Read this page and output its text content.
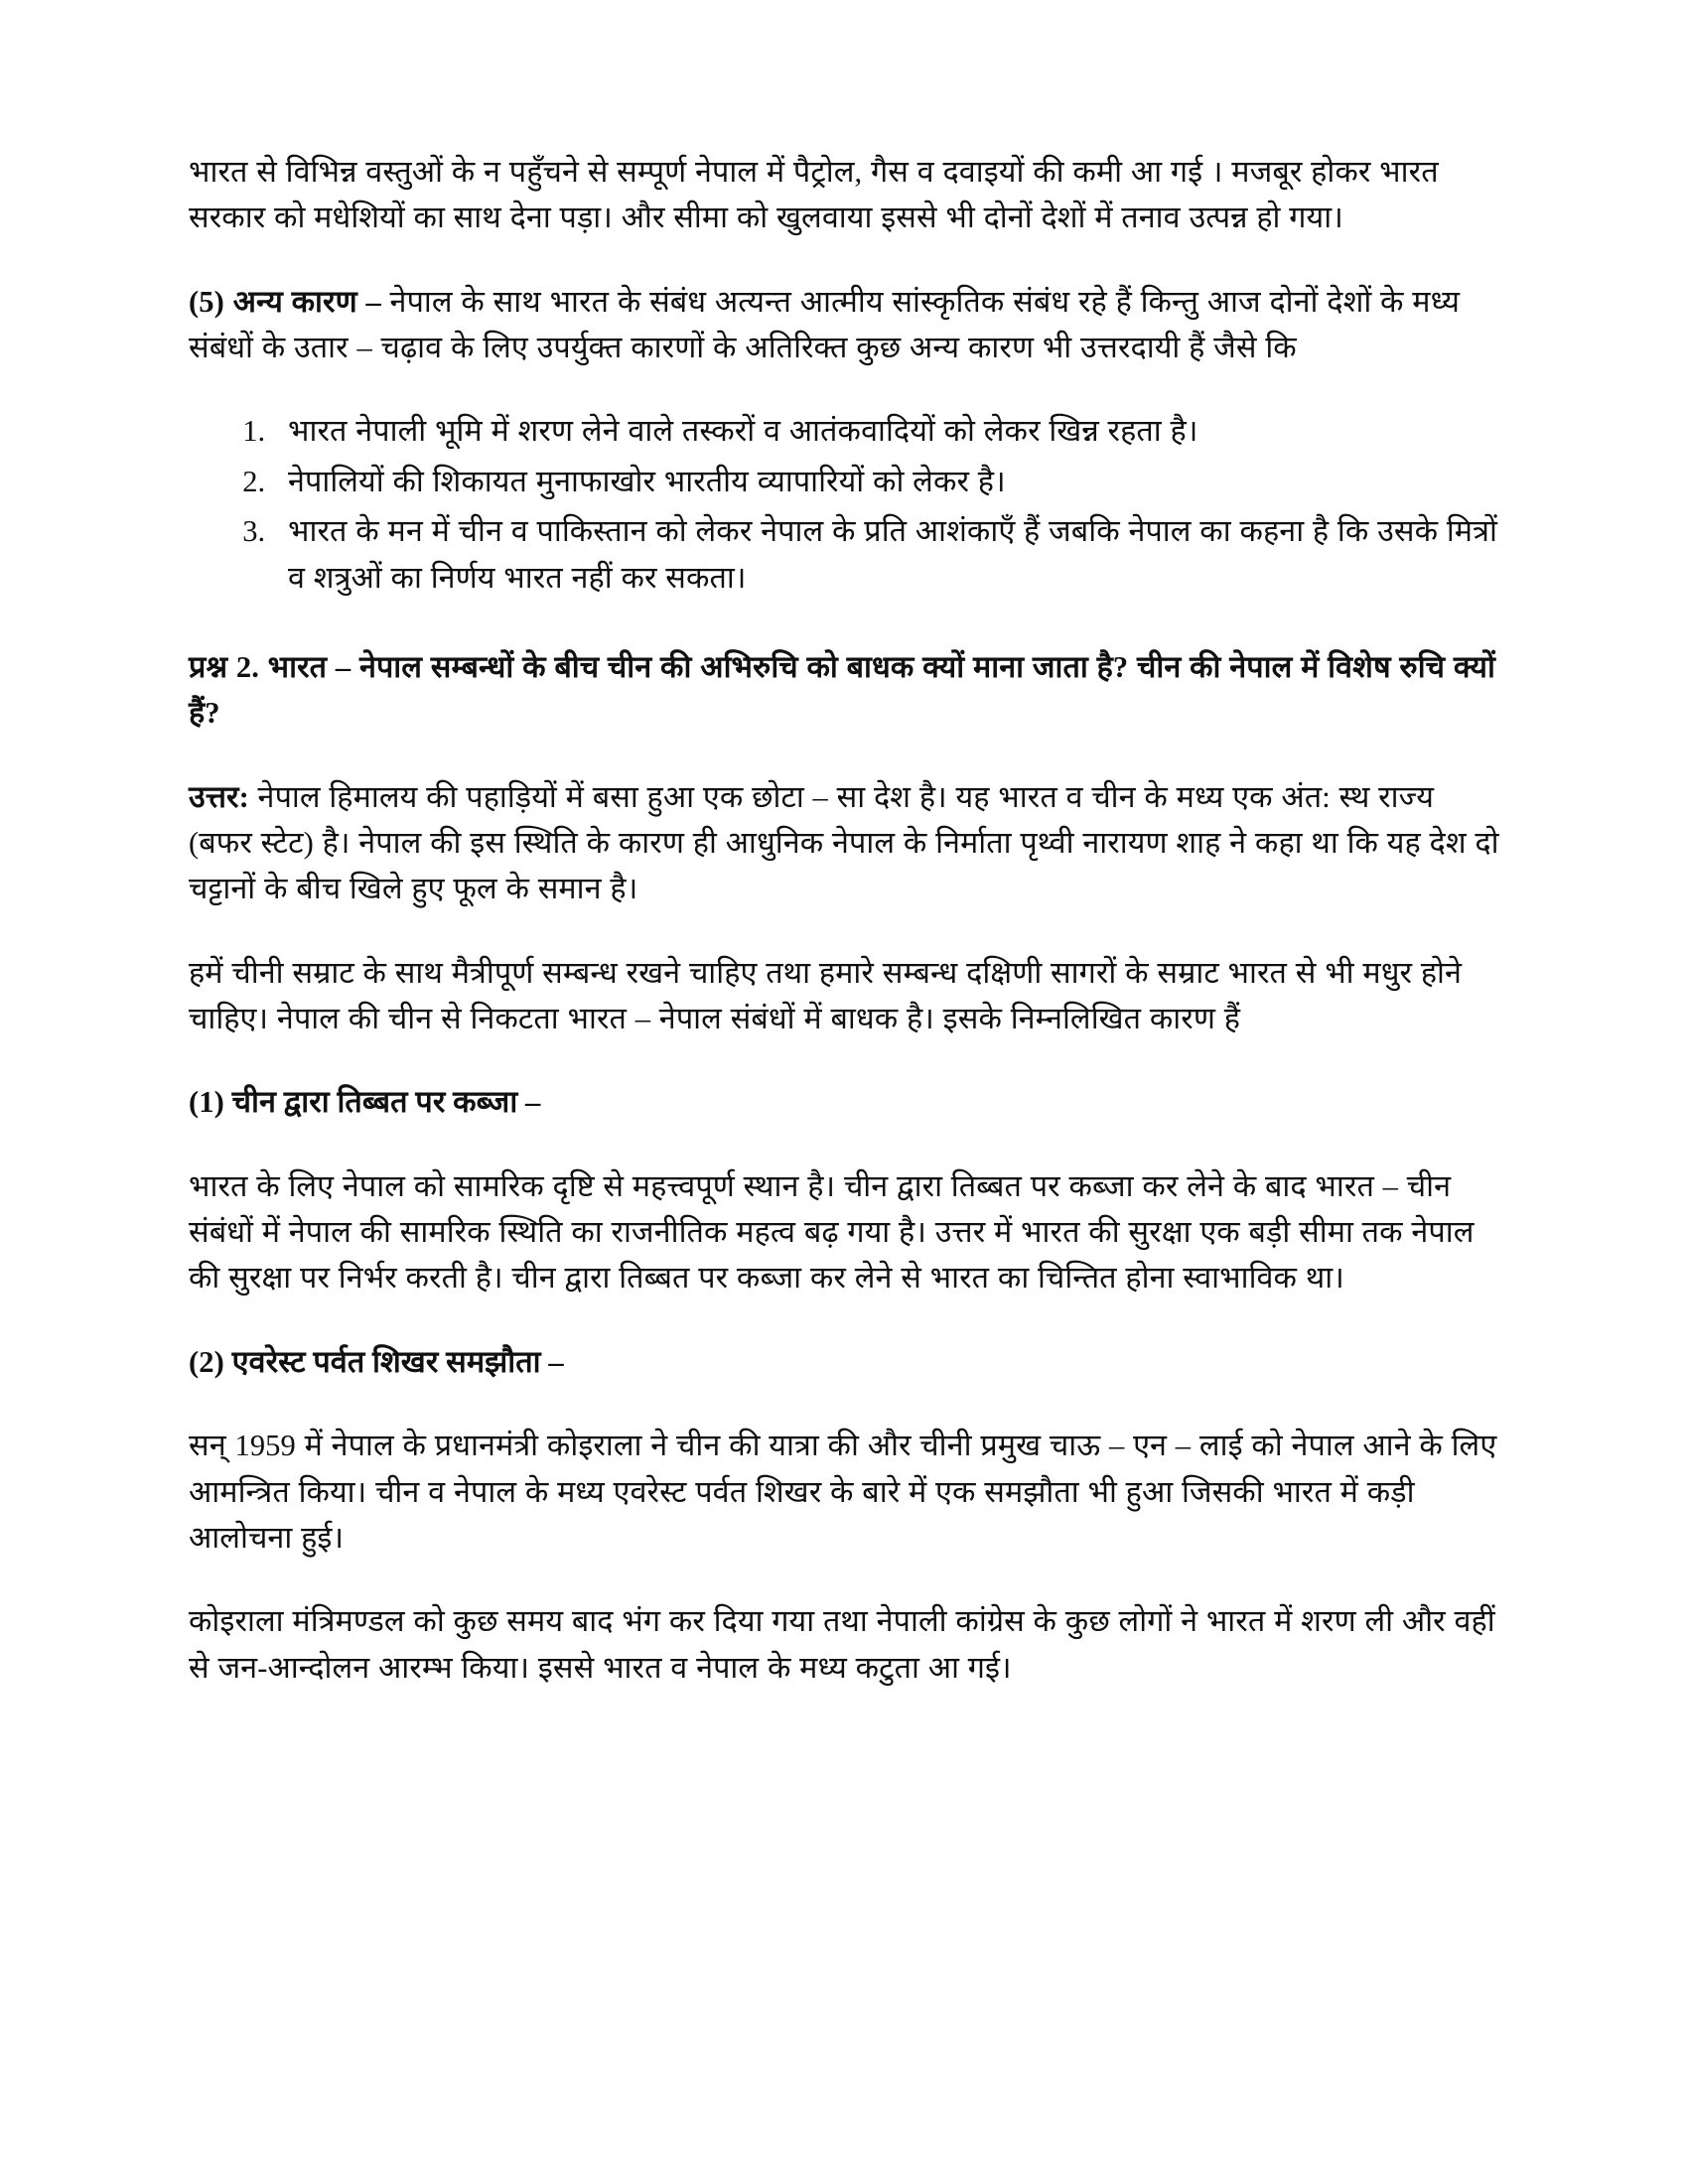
भारत से विभिन्न वस्तुओं के न पहुँचने से सम्पूर्ण नेपाल में पैट्रोल, गैस व दवाइयों की कमी आ गई । मजबूर होकर भारत सरकार को मधेशियों का साथ देना पड़ा। और सीमा को खुलवाया इससे भी दोनों देशों में तनाव उत्पन्न हो गया।

(5) अन्य कारण – नेपाल के साथ भारत के संबंध अत्यन्त आत्मीय सांस्कृतिक संबंध रहे हैं किन्तु आज दोनों देशों के मध्य संबंधों के उतार – चढ़ाव के लिए उपर्युक्त कारणों के अतिरिक्त कुछ अन्य कारण भी उत्तरदायी हैं जैसे कि

1. भारत नेपाली भूमि में शरण लेने वाले तस्करों व आतंकवादियों को लेकर खिन्न रहता है।
2. नेपालियों की शिकायत मुनाफाखोर भारतीय व्यापारियों को लेकर है।
3. भारत के मन में चीन व पाकिस्तान को लेकर नेपाल के प्रति आशंकाएँ हैं जबकि नेपाल का कहना है कि उसके मित्रों व शत्रुओं का निर्णय भारत नहीं कर सकता।

प्रश्न 2. भारत – नेपाल सम्बन्धों के बीच चीन की अभिरुचि को बाधक क्यों माना जाता है? चीन की नेपाल में विशेष रुचि क्यों हैं?

उत्तर: नेपाल हिमालय की पहाड़ियों में बसा हुआ एक छोटा – सा देश है। यह भारत व चीन के मध्य एक अंत: स्थ राज्य (बफर स्टेट) है। नेपाल की इस स्थिति के कारण ही आधुनिक नेपाल के निर्माता पृथ्वी नारायण शाह ने कहा था कि यह देश दो चट्टानों के बीच खिले हुए फूल के समान है।

हमें चीनी सम्राट के साथ मैत्रीपूर्ण सम्बन्ध रखने चाहिए तथा हमारे सम्बन्ध दक्षिणी सागरों के सम्राट भारत से भी मधुर होने चाहिए। नेपाल की चीन से निकटता भारत – नेपाल संबंधों में बाधक है। इसके निम्नलिखित कारण हैं

(1) चीन द्वारा तिब्बत पर कब्जा –

भारत के लिए नेपाल को सामरिक दृष्टि से महत्त्वपूर्ण स्थान है। चीन द्वारा तिब्बत पर कब्जा कर लेने के बाद भारत – चीन संबंधों में नेपाल की सामरिक स्थिति का राजनीतिक महत्व बढ़ गया है। उत्तर में भारत की सुरक्षा एक बड़ी सीमा तक नेपाल की सुरक्षा पर निर्भर करती है। चीन द्वारा तिब्बत पर कब्जा कर लेने से भारत का चिन्तित होना स्वाभाविक था।

(2) एवरेस्ट पर्वत शिखर समझौता –

सन् 1959 में नेपाल के प्रधानमंत्री कोइराला ने चीन की यात्रा की और चीनी प्रमुख चाऊ – एन – लाई को नेपाल आने के लिए आमन्त्रित किया। चीन व नेपाल के मध्य एवरेस्ट पर्वत शिखर के बारे में एक समझौता भी हुआ जिसकी भारत में कड़ी आलोचना हुई।

कोइराला मंत्रिमण्डल को कुछ समय बाद भंग कर दिया गया तथा नेपाली कांग्रेस के कुछ लोगों ने भारत में शरण ली और वहीं से जन-आन्दोलन आरम्भ किया। इससे भारत व नेपाल के मध्य कटुता आ गई।
